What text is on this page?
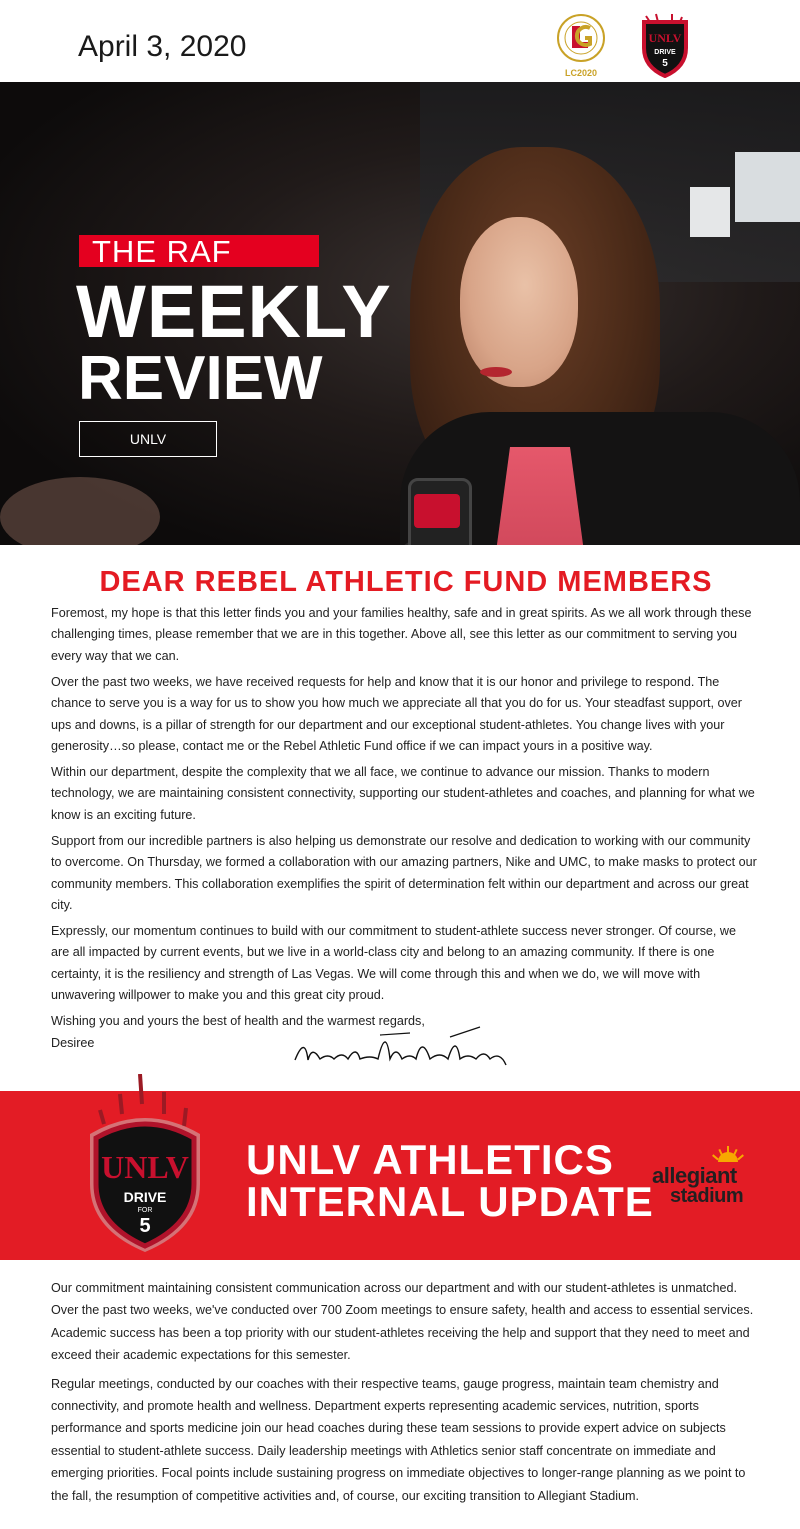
April 3, 2020
LC2020
UNLV
DRIVE
5
THE RAF
WEEKLY
REVIEW
UNLV
DEAR REBEL ATHLETIC FUND MEMBERS

Foremost, my hope is that this letter finds you and your families healthy, safe and in great spirits. As we all work through these challenging times, please remember that we are in this together. Above all, see this letter as our commitment to serving you every way that we can.

Over the past two weeks, we have received requests for help and know that it is our honor and privilege to respond. The chance to serve you is a way for us to show you how much we appreciate all that you do for us. Your steadfast support, over ups and downs, is a pillar of strength for our department and our exceptional student-athletes. You change lives with your generosity…so please, contact me or the Rebel Athletic Fund office if we can impact yours in a positive way.

Within our department, despite the complexity that we all face, we continue to advance our mission. Thanks to modern technology, we are maintaining consistent connectivity, supporting our student-athletes and coaches, and planning for what we know is an exciting future.

Support from our incredible partners is also helping us demonstrate our resolve and dedication to working with our community to overcome. On Thursday, we formed a collaboration with our amazing partners, Nike and UMC, to make masks to protect our community members. This collaboration exemplifies the spirit of determination felt within our department and across our great city.

Expressly, our momentum continues to build with our commitment to student-athlete success never stronger. Of course, we are all impacted by current events, but we live in a world-class city and belong to an amazing community. If there is one certainty, it is the resiliency and strength of Las Vegas. We will come through this and when we do, we will move with unwavering willpower to make you and this great city proud.

Wishing you and yours the best of health and the warmest regards,

Desiree

UNLV
DRIVE
FOR
5
UNLV ATHLETICS
INTERNAL UPDATE
allegiant
stadium

Our commitment maintaining consistent communication across our department and with our student-athletes is unmatched. Over the past two weeks, we've conducted over 700 Zoom meetings to ensure safety, health and access to essential services. Academic success has been a top priority with our student-athletes receiving the help and support that they need to meet and exceed their academic expectations for this semester.

Regular meetings, conducted by our coaches with their respective teams, gauge progress, maintain team chemistry and connectivity, and promote health and wellness. Department experts representing academic services, nutrition, sports performance and sports medicine join our head coaches during these team sessions to provide expert advice on subjects essential to student-athlete success. Daily leadership meetings with Athletics senior staff concentrate on immediate and emerging priorities. Focal points include sustaining progress on immediate objectives to longer-range planning as we point to the fall, the resumption of competitive activities and, of course, our exciting transition to Allegiant Stadium.
